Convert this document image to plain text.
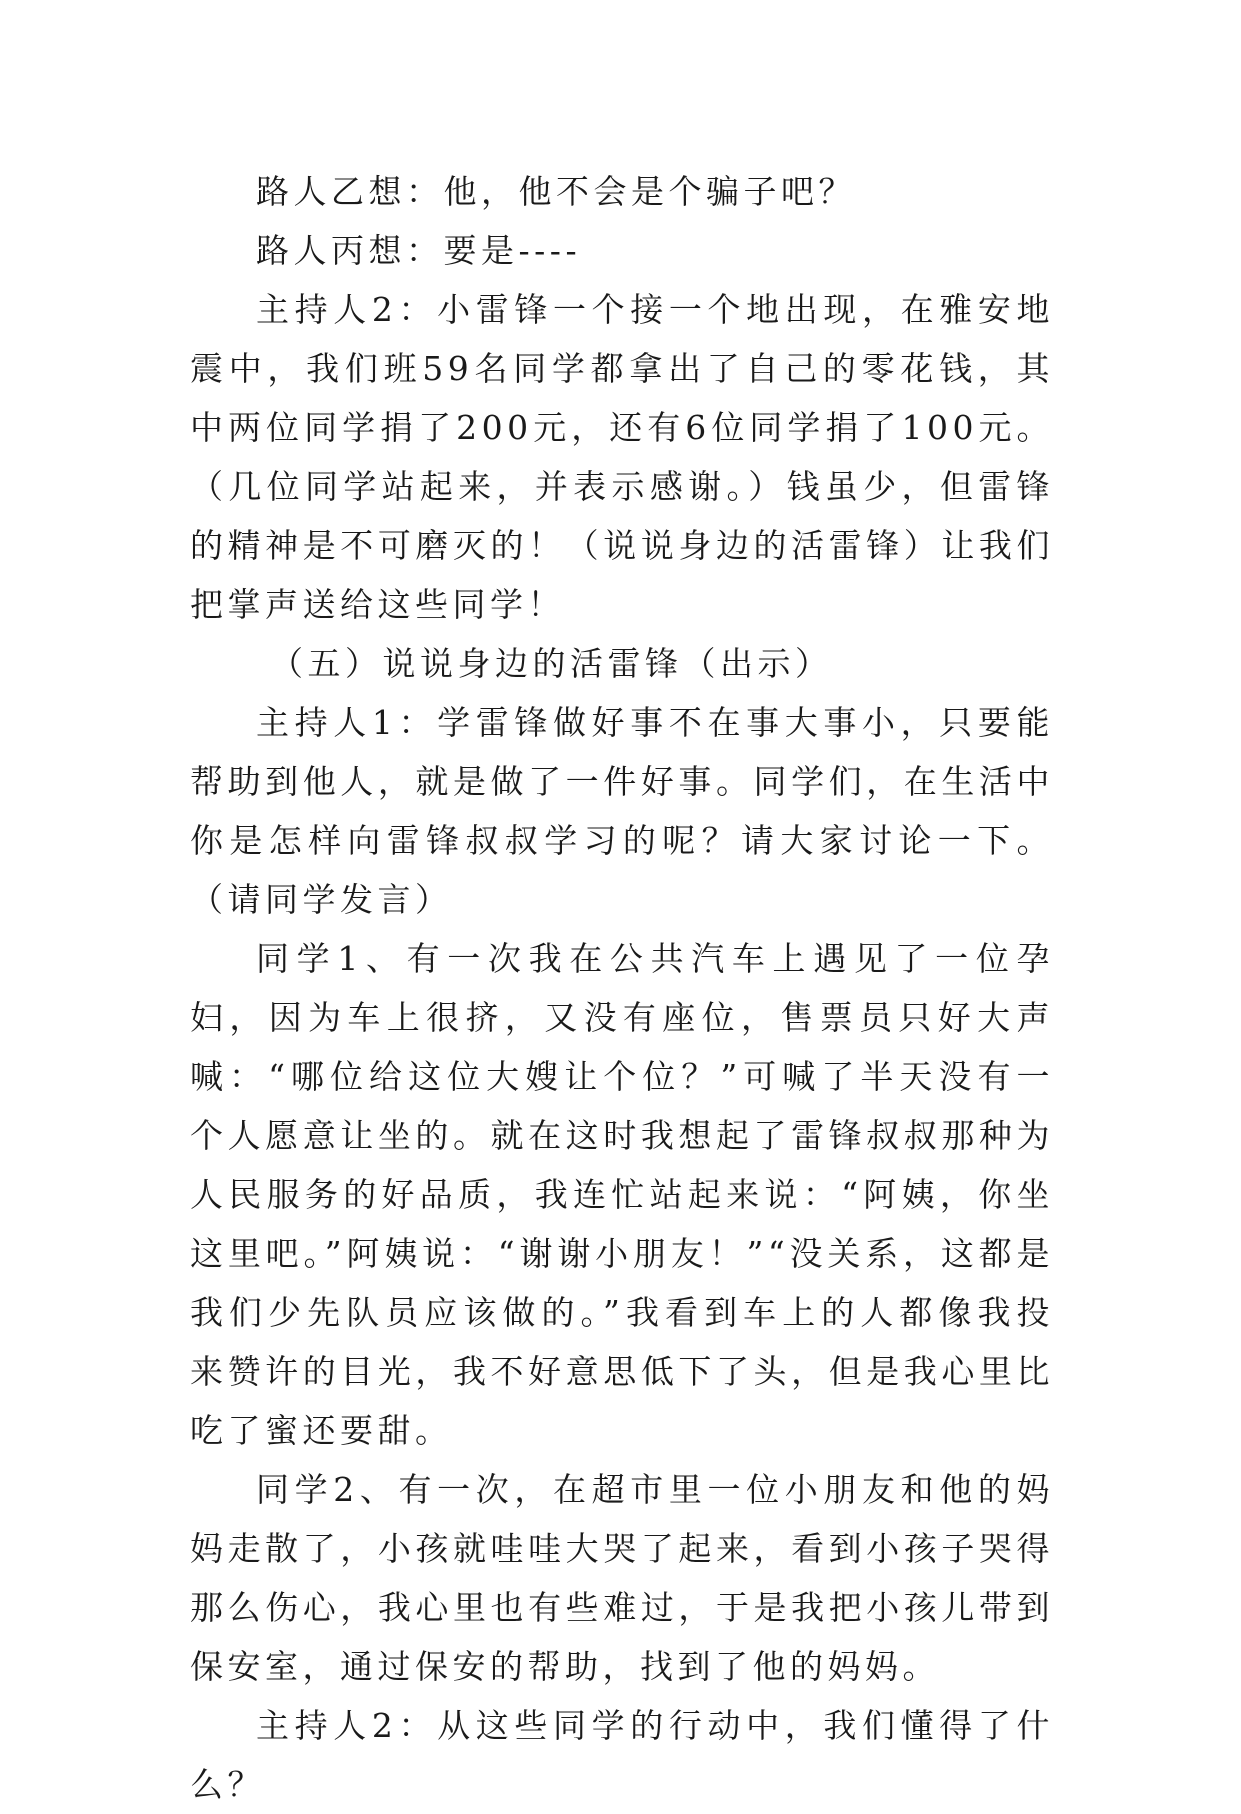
路人乙想：他，他不会是个骗子吧？

路人丙想：要是----

主持人2：小雷锋一个接一个地出现，在雅安地震中，我们班59名同学都拿出了自己的零花钱，其中两位同学捐了200元，还有6位同学捐了100元。（几位同学站起来，并表示感谢。）钱虽少，但雷锋的精神是不可磨灭的！（说说身边的活雷锋）让我们把掌声送给这些同学！

（五）说说身边的活雷锋（出示）

主持人1：学雷锋做好事不在事大事小，只要能帮助到他人，就是做了一件好事。同学们，在生活中你是怎样向雷锋叔叔学习的呢？请大家讨论一下。（请同学发言）

同学1、有一次我在公共汽车上遇见了一位孕妇，因为车上很挤，又没有座位，售票员只好大声喊：“哪位给这位大嫂让个位？”可喊了半天没有一个人愿意让坐的。就在这时我想起了雷锋叔叔那种为人民服务的好品质，我连忙站起来说：“阿姨，你坐这里吧。”阿姨说：“谢谢小朋友！”“没关系，这都是我们少先队员应该做的。”我看到车上的人都像我投来赞许的目光，我不好意思低下了头，但是我心里比吃了蜜还要甜。

同学2、有一次，在超市里一位小朋友和他的妈妈走散了，小孩就哇哇大哭了起来，看到小孩子哭得那么伤心，我心里也有些难过，于是我把小孩儿带到保安室，通过保安的帮助，找到了他的妈妈。

主持人2：从这些同学的行动中，我们懂得了什么？
